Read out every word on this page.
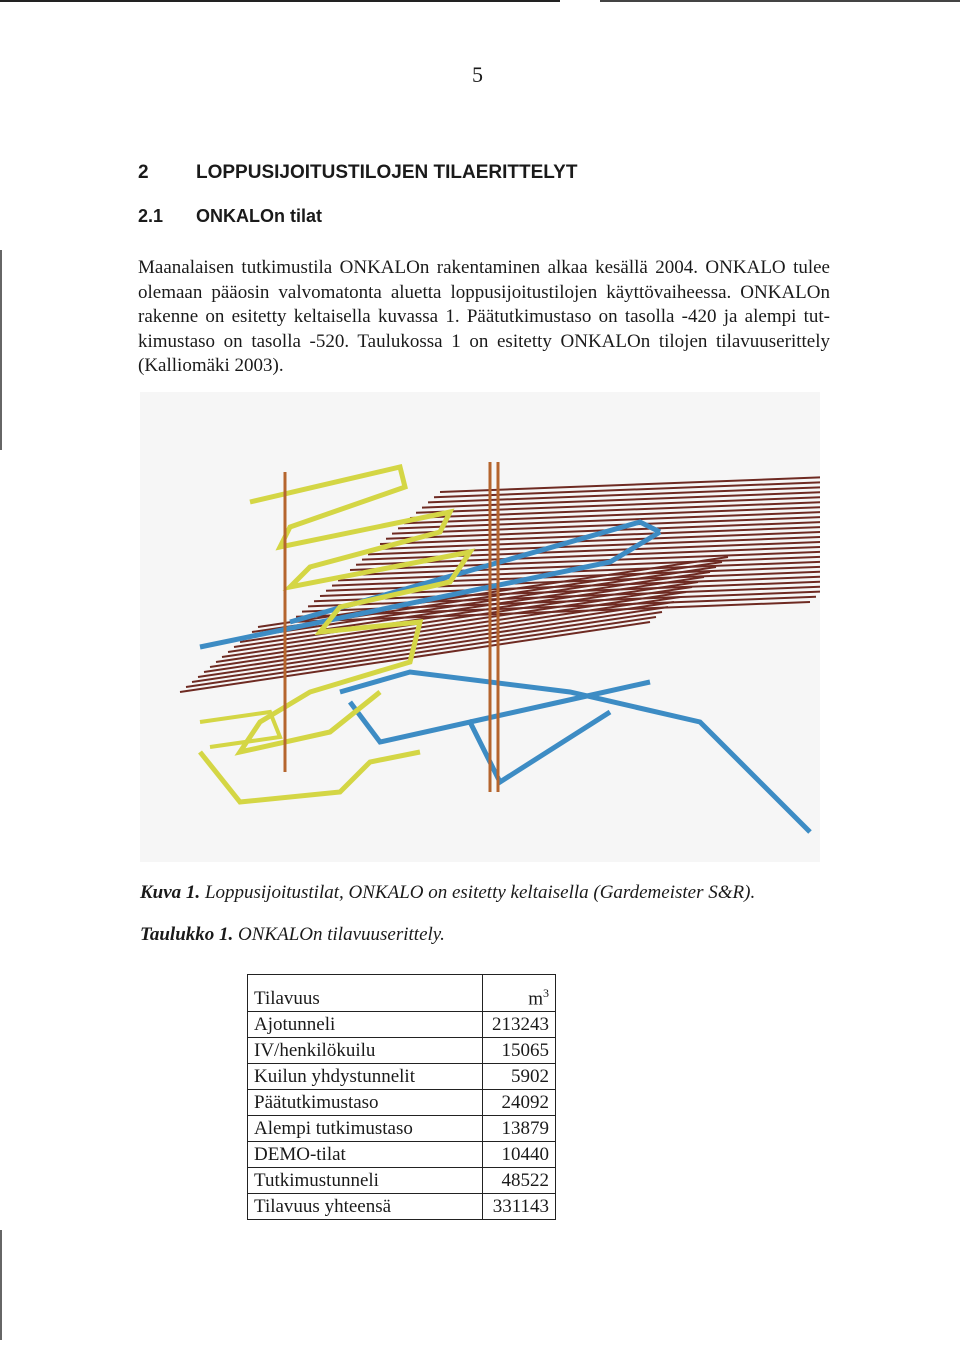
5
2 LOPPUSIJOITUSTILOJEN TILAERITTELYT
2.1 ONKALOn tilat
Maanalaisen tutkimustila ONKALOn rakentaminen alkaa kesällä 2004. ONKALO tulee olemaan pääosin valvomatonta aluetta loppusijoitustilojen käyttövaiheessa. ONKALOn rakenne on esitetty keltaisella kuvassa 1. Päätutkimustaso on tasolla -420 ja alempi tut-kimustaso on tasolla -520. Taulukossa 1 on esitetty ONKALOn tilojen tilavuuserittely (Kalliomäki 2003).
Kuva 1. Loppusijoitustilat, ONKALO on esitetty keltaisella (Gardemeister S&R).
Taulukko 1. ONKALOn tilavuuserittely.
Tilavuus	$m^3$
Ajotunneli	213243
IV/henkilökuilu	15065
Kuilun yhdystunnelit	5902
Päätutkimustaso	24092
Alempi tutkimustaso	13879
DEMO-tilat	10440
Tutkimustunneli	48522
Tilavuus yhteensä	331143
